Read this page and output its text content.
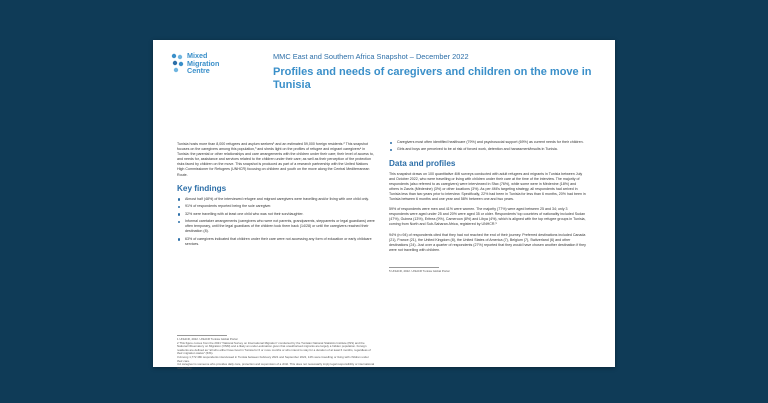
Mixed
Migration
Centre
MMC East and Southern Africa Snapshot – December 2022
Profiles and needs of caregivers and children on the move in Tunisia

Tunisia hosts more than 8,000 refugees and asylum seekers¹ and an estimated 59,000 foreign residents.² This snapshot focuses on the caregivers among this population,³ and sheds light on the profiles of refugee and migrant caregivers⁴ in Tunisia: the parental or other relationships and care arrangements with the children under their care; their level of access to, and needs for, assistance and services related to the children under their care; as well as their perception of the protection risks faced by children on the move. This snapshot is produced as part of a research partnership with the United Nations High Commissioner for Refugees (UNHCR) focusing on children and youth on the move along the Central Mediterranean Route.

Key findings
Almost half (48%) of the interviewed refugee and migrant caregivers were travelling and/or living with one child only.
91% of respondents reported being the sole caregiver.
32% were travelling with at least one child who was not their son/daughter.
Informal caretaker arrangements (caregivers who were not parents, grandparents, stepparents or legal guardians) were often temporary, until the legal guardians of the children took them back (14/28) or until the caregivers reached their destination (8).
63% of caregivers indicated that children under their care were not accessing any form of education or early childcare services.
1 UNHCR, 2022. UNHCR Tunisia Global Portal
2 This figure comes from the 2021 "National Survey on International Migration" conducted by the Tunisian National Statistics Institute (INS) and the National Observatory on Migration (ONM) and a likely an under-estimation given that unauthorised migrants are largely a hidden population. Foreign residents are defined as "all who either have lived in Tunisia for 6 or more months or who intend to stay for a duration of at least 6 months, regardless of their migration status" (INS).
3 Among 1,772 4Mi respondents interviewed in Tunisia between February 2021 and September 2022, 14% were travelling or living with children under their care.
4 A caregiver is someone who provides daily care, protection and supervision of a child. This does not necessarily imply legal responsibility or international relationship.
Caregivers most often identified healthcare (79%) and psychosocial support (69%) as current needs for their children.
Girls and boys are perceived to be at risk of forced work, detention and harassment/insults in Tunisia.
Data and profiles

This snapshot draws on 100 quantitative 4Mi surveys conducted with adult refugees and migrants in Tunisia between July and October 2022, who were travelling or living with children under their care at the time of the interview. The majority of respondents (also referred to as caregivers) were interviewed in Sfax (76%), while some were in Médenine (18%) and others in Zarzis (Médenine) (3%) or other locations (3%). As per 4Mi's targeting strategy, all respondents had arrived in Tunisia less than two years prior to interview. Specifically, 22% had been in Tunisia for less than 6 months, 20% had been in Tunisia between 6 months and one year and 58% between one and two years.

59% of respondents were men and 41% were women. The majority (77%) were aged between 25 and 34; only 3 respondents were aged under 25 and 20% were aged 35 or older. Respondents' top countries of nationality included Sudan (47%), Guinea (13%), Eritrea (9%), Cameroon (8%) and Libya (4%), which is aligned with the top refugee groups in Tunisia, coming from North and Sub-Saharan Africa, registered by UNHCR.⁵

94% (n=94) of respondents cited that they had not reached the end of their journey. Preferred destinations included Canada (21), France (21), the United Kingdom (8), the United States of America (7), Belgium (7), Switzerland (6) and other destinations (24). Just over a quarter of respondents (27%) reported that they would have chosen another destination if they were not travelling with children.

5 UNHCR, 2022. UNHCR Tunisia Global Portal
